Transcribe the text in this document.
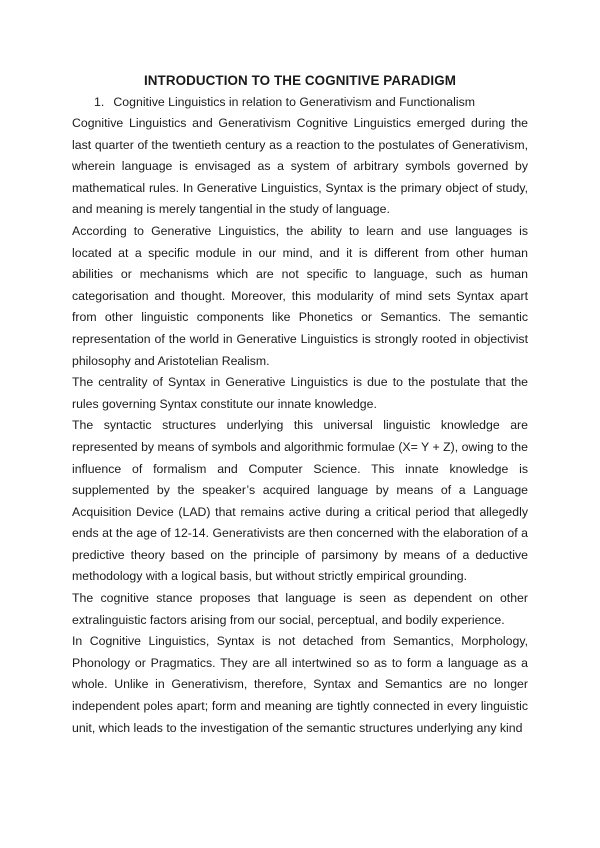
INTRODUCTION TO THE COGNITIVE PARADIGM
1. Cognitive Linguistics in relation to Generativism and Functionalism

Cognitive Linguistics and Generativism Cognitive Linguistics emerged during the last quarter of the twentieth century as a reaction to the postulates of Generativism, wherein language is envisaged as a system of arbitrary symbols governed by mathematical rules. In Generative Linguistics, Syntax is the primary object of study, and meaning is merely tangential in the study of language.

According to Generative Linguistics, the ability to learn and use languages is located at a specific module in our mind, and it is different from other human abilities or mechanisms which are not specific to language, such as human categorisation and thought. Moreover, this modularity of mind sets Syntax apart from other linguistic components like Phonetics or Semantics. The semantic representation of the world in Generative Linguistics is strongly rooted in objectivist philosophy and Aristotelian Realism.

The centrality of Syntax in Generative Linguistics is due to the postulate that the rules governing Syntax constitute our innate knowledge.

The syntactic structures underlying this universal linguistic knowledge are represented by means of symbols and algorithmic formulae (X= Y + Z), owing to the influence of formalism and Computer Science. This innate knowledge is supplemented by the speaker’s acquired language by means of a Language Acquisition Device (LAD) that remains active during a critical period that allegedly ends at the age of 12-14. Generativists are then concerned with the elaboration of a predictive theory based on the principle of parsimony by means of a deductive methodology with a logical basis, but without strictly empirical grounding.

The cognitive stance proposes that language is seen as dependent on other extralinguistic factors arising from our social, perceptual, and bodily experience.

In Cognitive Linguistics, Syntax is not detached from Semantics, Morphology, Phonology or Pragmatics. They are all intertwined so as to form a language as a whole. Unlike in Generativism, therefore, Syntax and Semantics are no longer independent poles apart; form and meaning are tightly connected in every linguistic unit, which leads to the investigation of the semantic structures underlying any kind
